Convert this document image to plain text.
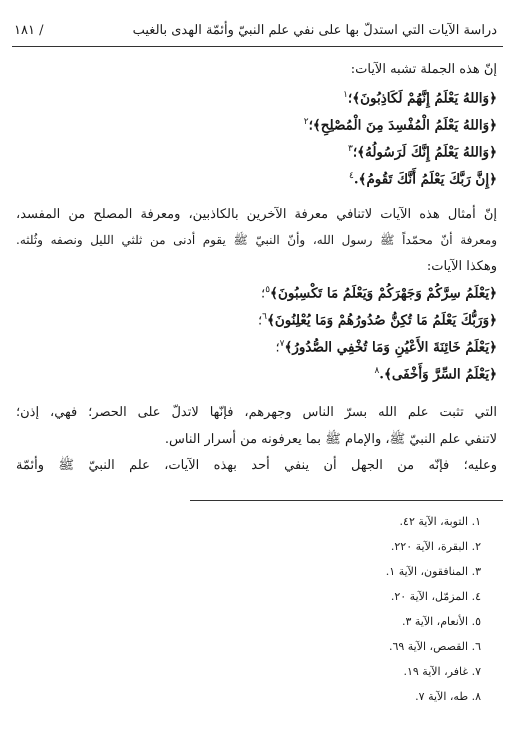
دراسة الآيات التي استدلّ بها على نفي علم النبيّ وأئمّة الهدى بالغيب
/ ١٨١
إنّ هذه الجملة تشبه الآيات:
﴿وَاللهُ يَعْلَمُ إِنَّهُمْ لَكَاذِبُونَ﴾؛$^١$
﴿وَاللهُ يَعْلَمُ الْمُفْسِدَ مِنَ الْمُصْلِحِ﴾؛$^٢$
﴿وَاللهُ يَعْلَمُ إِنَّكَ لَرَسُولُهُ﴾؛$^٣$
﴿إِنَّ رَبَّكَ يَعْلَمُ أَنَّكَ تَقُومُ﴾.$^٤$
إنّ أمثال هذه الآيات لاتنافي معرفة الآخرين بالكاذبين، ومعرفة المصلح من المفسد،
ومعرفة أنّ محمّداً ﷺ رسول الله، وأنّ النبيّ ﷺ يقوم أدنى من ثلثي الليل ونصفه وثُلثه.
وهكذا الآيات:
﴿يَعْلَمُ سِرَّكُمْ وَجَهْرَكُمْ وَيَعْلَمُ مَا تَكْسِبُونَ﴾$^٥$؛
﴿وَرَبُّكَ يَعْلَمُ مَا تُكِنُّ صُدُورُهُمْ وَمَا يُعْلِنُونَ﴾$^٦$؛
﴿يَعْلَمُ خَائِنَةَ الأَعْيُنِ وَمَا تُخْفِي الصُّدُورُ﴾$^٧$؛
﴿يَعْلَمُ السِّرَّ وَأَخْفَى﴾.$^٨$
التي تثبت علم الله بسرّ الناس وجهرهم، فإنّها لاتدلّ على الحصر؛ فهي، إذن؛
لاتنفي علم النبيّ ﷺ، والإمام ﷺ بما يعرفونه من أسرار الناس.
وعليه؛ فإنّه من الجهل أن ينفي أحد بهذه الآيات، علم النبيّ ﷺ وأئمّة
١. التوبة، الآية ٤٢.
٢. البقرة، الآية ٢٢٠.
٣. المنافقون، الآية ١.
٤. المزمّل، الآية ٢٠.
٥. الأنعام، الآية ٣.
٦. القصص، الآية ٦٩.
٧. غافر، الآية ١٩.
٨. طه، الآية ٧.
